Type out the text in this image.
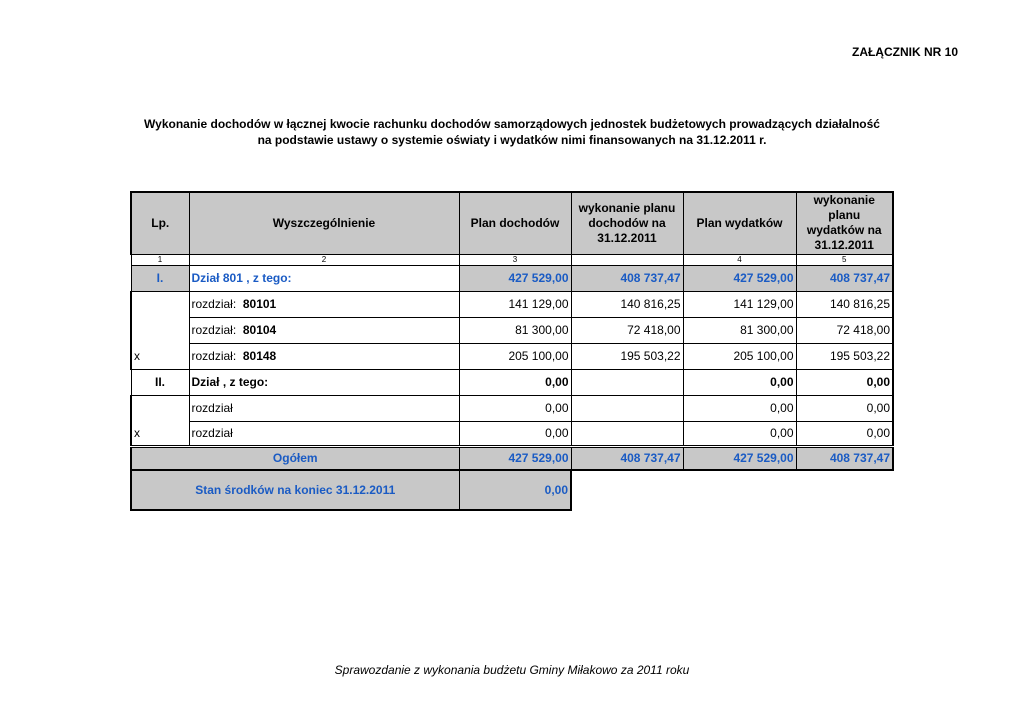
ZAŁĄCZNIK NR 10
Wykonanie dochodów w łącznej kwocie rachunku dochodów samorządowych jednostek budżetowych prowadzących działalność
na podstawie ustawy o systemie oświaty i wydatków nimi finansowanych na 31.12.2011 r.
Lp.	Wyszczególnienie	Plan dochodów	wykonanie planu dochodów na 31.12.2011	Plan wydatków	wykonanie planu wydatków na 31.12.2011
1	2	3		4	5
I.	Dział 801 , z tego:	427 529,00	408 737,47	427 529,00	408 737,47
	rozdział: 80101	141 129,00	140 816,25	141 129,00	140 816,25
	rozdział: 80104	81 300,00	72 418,00	81 300,00	72 418,00
x	rozdział: 80148	205 100,00	195 503,22	205 100,00	195 503,22
II.	Dział , z tego:	0,00		0,00	0,00
	rozdział	0,00		0,00	0,00
x	rozdział	0,00		0,00	0,00
Ogółem	427 529,00	408 737,47	427 529,00	408 737,47
Stan środków na koniec 31.12.2011	0,00			
Sprawozdanie z wykonania budżetu Gminy Miłakowo za 2011 roku
